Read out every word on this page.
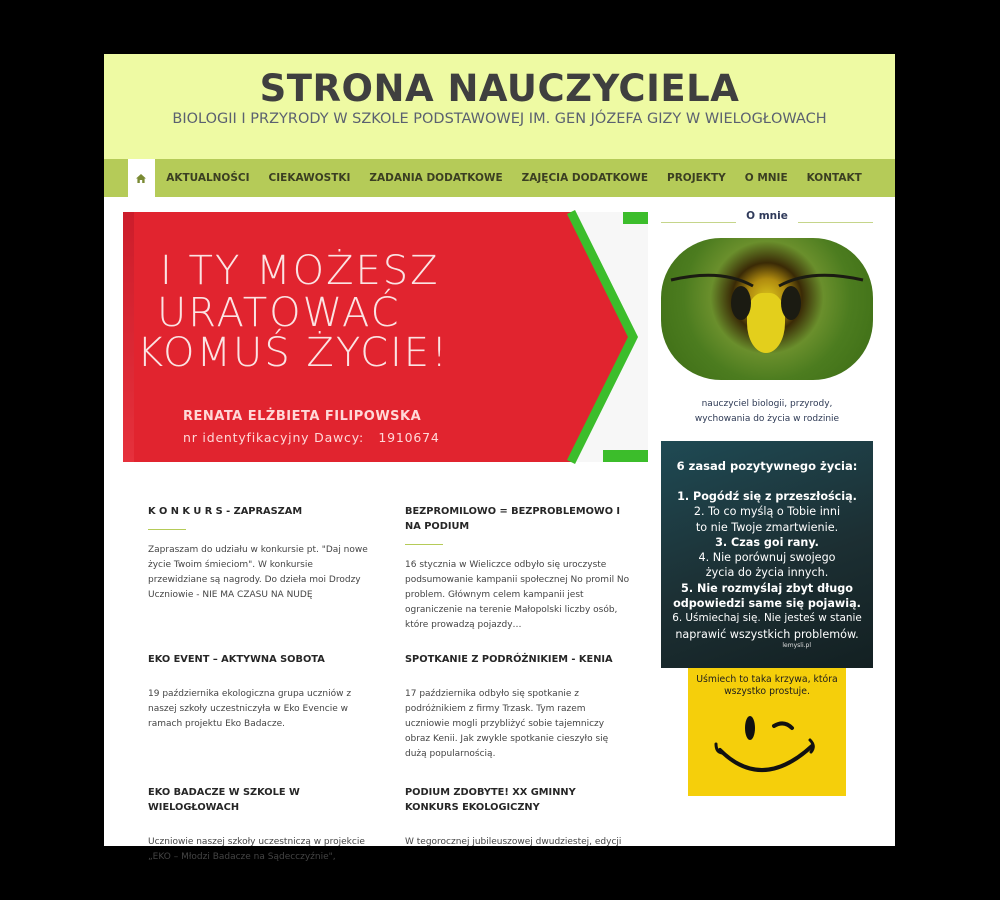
STRONA NAUCZYCIELA
BIOLOGII I PRZYRODY W SZKOLE PODSTAWOWEJ IM. GEN JÓZEFA GIZY W WIELOGŁOWACH
AKTUALNOŚCI	CIEKAWOSTKI	ZADANIA DODATKOWE	ZAJĘCIA DODATKOWE	PROJEKTY	O MNIE	KONTAKT
I TY MOŻESZ
URATOWAĆ
KOMUŚ ŻYCIE!
RENATA ELŻBIETA FILIPOWSKA
nr identyfikacyjny Dawcy: 1910674
K O N K U R S - ZAPRASZAM
Zapraszam do udziału w konkursie pt. "Daj nowe życie Twoim śmieciom". W konkursie przewidziane są nagrody. Do dzieła moi Drodzy Uczniowie - NIE MA CZASU NA NUDĘ
BEZPROMILOWO = BEZPROBLEMOWO I NA PODIUM
16 stycznia w Wieliczce odbyło się uroczyste podsumowanie kampanii społecznej No promil No problem. Głównym celem kampanii jest ograniczenie na terenie Małopolski liczby osób, które prowadzą pojazdy…
EKO EVENT – AKTYWNA SOBOTA
19 października ekologiczna grupa uczniów z naszej szkoły uczestniczyła w Eko Evencie w ramach projektu Eko Badacze.
SPOTKANIE Z PODRÓŻNIKIEM - KENIA
17 października odbyło się spotkanie z podróżnikiem z firmy Trzask. Tym razem uczniowie mogli przybliżyć sobie tajemniczy obraz Kenii. Jak zwykle spotkanie cieszyło się dużą popularnością.
EKO BADACZE W SZKOLE W WIELOGŁOWACH
Uczniowie naszej szkoły uczestniczą w projekcie „EKO – Młodzi Badacze na Sądecczyźnie",
PODIUM ZDOBYTE! XX GMINNY KONKURS EKOLOGICZNY
W tegorocznej jubileuszowej dwudziestej, edycji
O mnie
nauczyciel biologii, przyrody,
wychowania do życia w rodzinie
6 zasad pozytywnego życia:
1. Pogódź się z przeszłością.
2. To co myślą o Tobie inni
to nie Twoje zmartwienie.
3. Czas goi rany.
4. Nie porównuj swojego
życia do życia innych.
5. Nie rozmyślaj zbyt długo
odpowiedzi same się pojawią.
6. Uśmiechaj się. Nie jesteś w stanie
naprawić wszystkich problemów.
lemysli.pl
Uśmiech to taka krzywa, która wszystko prostuje.
